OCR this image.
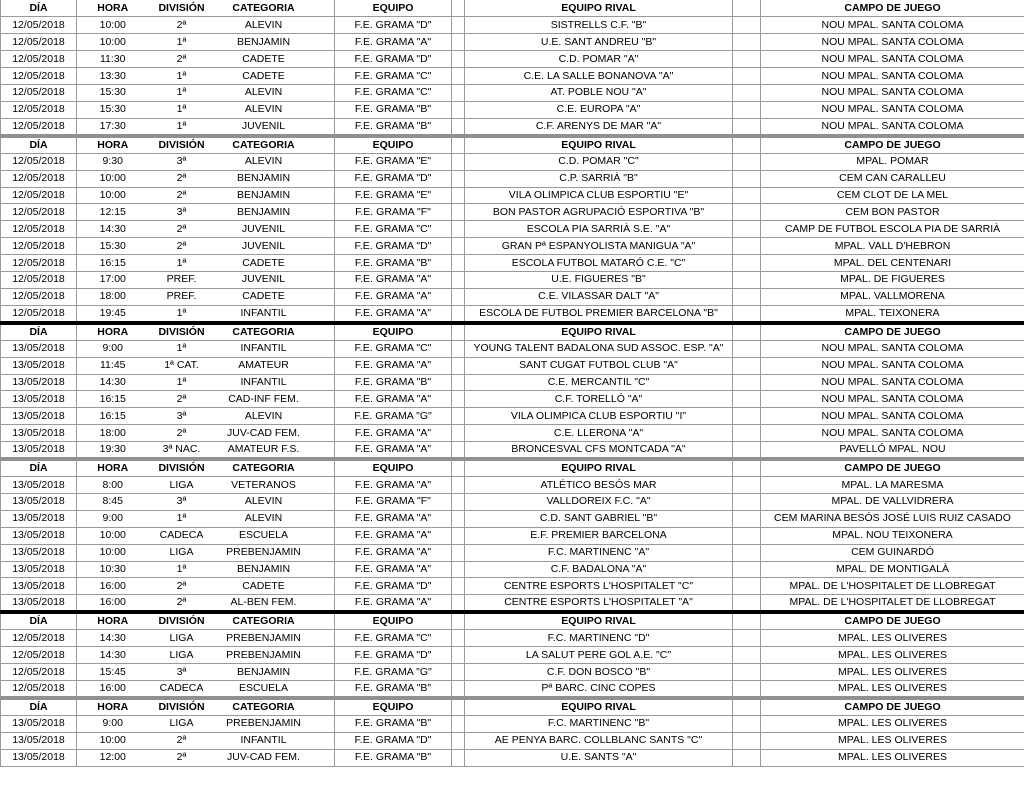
DÍA	HORA	DIVISIÓN	CATEGORIA		EQUIPO		EQUIPO RIVAL		CAMPO DE JUEGO
12/05/2018	10:00	2ª	ALEVIN		F.E. GRAMA "D"		SISTRELLS C.F. "B"		NOU MPAL. SANTA COLOMA
12/05/2018	10:00	1ª	BENJAMIN		F.E. GRAMA "A"		U.E. SANT ANDREU "B"		NOU MPAL. SANTA COLOMA
12/05/2018	11:30	2ª	CADETE		F.E. GRAMA "D"		C.D. POMAR "A"		NOU MPAL. SANTA COLOMA
12/05/2018	13:30	1ª	CADETE		F.E. GRAMA "C"		C.E. LA SALLE BONANOVA "A"		NOU MPAL. SANTA COLOMA
12/05/2018	15:30	1ª	ALEVIN		F.E. GRAMA "C"		AT. POBLE NOU "A"		NOU MPAL. SANTA COLOMA
12/05/2018	15:30	1ª	ALEVIN		F.E. GRAMA "B"		C.E. EUROPA "A"		NOU MPAL. SANTA COLOMA
12/05/2018	17:30	1ª	JUVENIL		F.E. GRAMA "B"		C.F. ARENYS DE MAR "A"		NOU MPAL. SANTA COLOMA
DÍA	HORA	DIVISIÓN	CATEGORIA		EQUIPO		EQUIPO RIVAL		CAMPO DE JUEGO
12/05/2018	9:30	3ª	ALEVIN		F.E. GRAMA "E"		C.D. POMAR "C"		MPAL. POMAR
12/05/2018	10:00	2ª	BENJAMIN		F.E. GRAMA "D"		C.P. SARRIÀ "B"		CEM CAN CARALLEU
12/05/2018	10:00	2ª	BENJAMIN		F.E. GRAMA "E"		VILA OLIMPICA CLUB ESPORTIU "E"		CEM CLOT DE LA MEL
12/05/2018	12:15	3ª	BENJAMIN		F.E. GRAMA "F"		BON PASTOR AGRUPACIÓ ESPORTIVA "B"		CEM BON PASTOR
12/05/2018	14:30	2ª	JUVENIL		F.E. GRAMA "C"		ESCOLA PIA SARRIÀ S.E. "A"		CAMP DE FUTBOL ESCOLA PIA DE SARRIÀ
12/05/2018	15:30	2ª	JUVENIL		F.E. GRAMA "D"		GRAN Pª ESPANYOLISTA MANIGUA "A"		MPAL. VALL D'HEBRON
12/05/2018	16:15	1ª	CADETE		F.E. GRAMA "B"		ESCOLA FUTBOL MATARÓ C.E. "C"		MPAL. DEL CENTENARI
12/05/2018	17:00	PREF.	JUVENIL		F.E. GRAMA "A"		U.E. FIGUERES "B"		MPAL. DE FIGUERES
12/05/2018	18:00	PREF.	CADETE		F.E. GRAMA "A"		C.E. VILASSAR DALT "A"		MPAL. VALLMORENA
12/05/2018	19:45	1ª	INFANTIL		F.E. GRAMA "A"		ESCOLA DE FUTBOL PREMIER BARCELONA "B"		MPAL. TEIXONERA
DÍA	HORA	DIVISIÓN	CATEGORIA		EQUIPO		EQUIPO RIVAL		CAMPO DE JUEGO
13/05/2018	9:00	1ª	INFANTIL		F.E. GRAMA "C"		YOUNG TALENT BADALONA SUD ASSOC. ESP. "A"		NOU MPAL. SANTA COLOMA
13/05/2018	11:45	1ª CAT.	AMATEUR		F.E. GRAMA "A"		SANT CUGAT FUTBOL CLUB "A"		NOU MPAL. SANTA COLOMA
13/05/2018	14:30	1ª	INFANTIL		F.E. GRAMA "B"		C.E. MERCANTIL "C"		NOU MPAL. SANTA COLOMA
13/05/2018	16:15	2ª	CAD-INF FEM.		F.E. GRAMA "A"		C.F. TORELLÓ "A"		NOU MPAL. SANTA COLOMA
13/05/2018	16:15	3ª	ALEVIN		F.E. GRAMA "G"		VILA OLIMPICA CLUB ESPORTIU "I"		NOU MPAL. SANTA COLOMA
13/05/2018	18:00	2ª	JUV-CAD FEM.		F.E. GRAMA "A"		C.E. LLERONA "A"		NOU MPAL. SANTA COLOMA
13/05/2018	19:30	3ª NAC.	AMATEUR F.S.		F.E. GRAMA "A"		BRONCESVAL CFS MONTCADA "A"		PAVELLÓ MPAL. NOU
DÍA	HORA	DIVISIÓN	CATEGORIA		EQUIPO		EQUIPO RIVAL		CAMPO DE JUEGO
13/05/2018	8:00	LIGA	VETERANOS		F.E. GRAMA "A"		ATLÉTICO BESÓS MAR		MPAL. LA MARESMA
13/05/2018	8:45	3ª	ALEVIN		F.E. GRAMA "F"		VALLDOREIX F.C. "A"		MPAL. DE VALLVIDRERA
13/05/2018	9:00	1ª	ALEVIN		F.E. GRAMA "A"		C.D. SANT GABRIEL "B"		CEM MARINA BESÓS JOSÉ LUIS RUIZ CASADO
13/05/2018	10:00	CADECA	ESCUELA		F.E. GRAMA "A"		E.F. PREMIER BARCELONA		MPAL. NOU TEIXONERA
13/05/2018	10:00	LIGA	PREBENJAMIN		F.E. GRAMA "A"		F.C. MARTINENC "A"		CEM GUINARDÓ
13/05/2018	10:30	1ª	BENJAMIN		F.E. GRAMA "A"		C.F. BADALONA "A"		MPAL. DE MONTIGALÀ
13/05/2018	16:00	2ª	CADETE		F.E. GRAMA "D"		CENTRE ESPORTS L'HOSPITALET "C"		MPAL. DE L'HOSPITALET DE LLOBREGAT
13/05/2018	16:00	2ª	AL-BEN FEM.		F.E. GRAMA "A"		CENTRE ESPORTS L'HOSPITALET "A"		MPAL. DE L'HOSPITALET DE LLOBREGAT
DÍA	HORA	DIVISIÓN	CATEGORIA		EQUIPO		EQUIPO RIVAL		CAMPO DE JUEGO
12/05/2018	14:30	LIGA	PREBENJAMIN		F.E. GRAMA "C"		F.C. MARTINENC "D"		MPAL. LES OLIVERES
12/05/2018	14:30	LIGA	PREBENJAMIN		F.E. GRAMA "D"		LA SALUT PERE GOL A.E. "C"		MPAL. LES OLIVERES
12/05/2018	15:45	3ª	BENJAMIN		F.E. GRAMA "G"		C.F. DON BOSCO "B"		MPAL. LES OLIVERES
12/05/2018	16:00	CADECA	ESCUELA		F.E. GRAMA "B"		Pª BARC. CINC COPES		MPAL. LES OLIVERES
DÍA	HORA	DIVISIÓN	CATEGORIA		EQUIPO		EQUIPO RIVAL		CAMPO DE JUEGO
13/05/2018	9:00	LIGA	PREBENJAMIN		F.E. GRAMA "B"		F.C. MARTINENC "B"		MPAL. LES OLIVERES
13/05/2018	10:00	2ª	INFANTIL		F.E. GRAMA "D"		AE PENYA BARC. COLLBLANC SANTS "C"		MPAL. LES OLIVERES
13/05/2018	12:00	2ª	JUV-CAD FEM.		F.E. GRAMA "B"		U.E. SANTS "A"		MPAL. LES OLIVERES
